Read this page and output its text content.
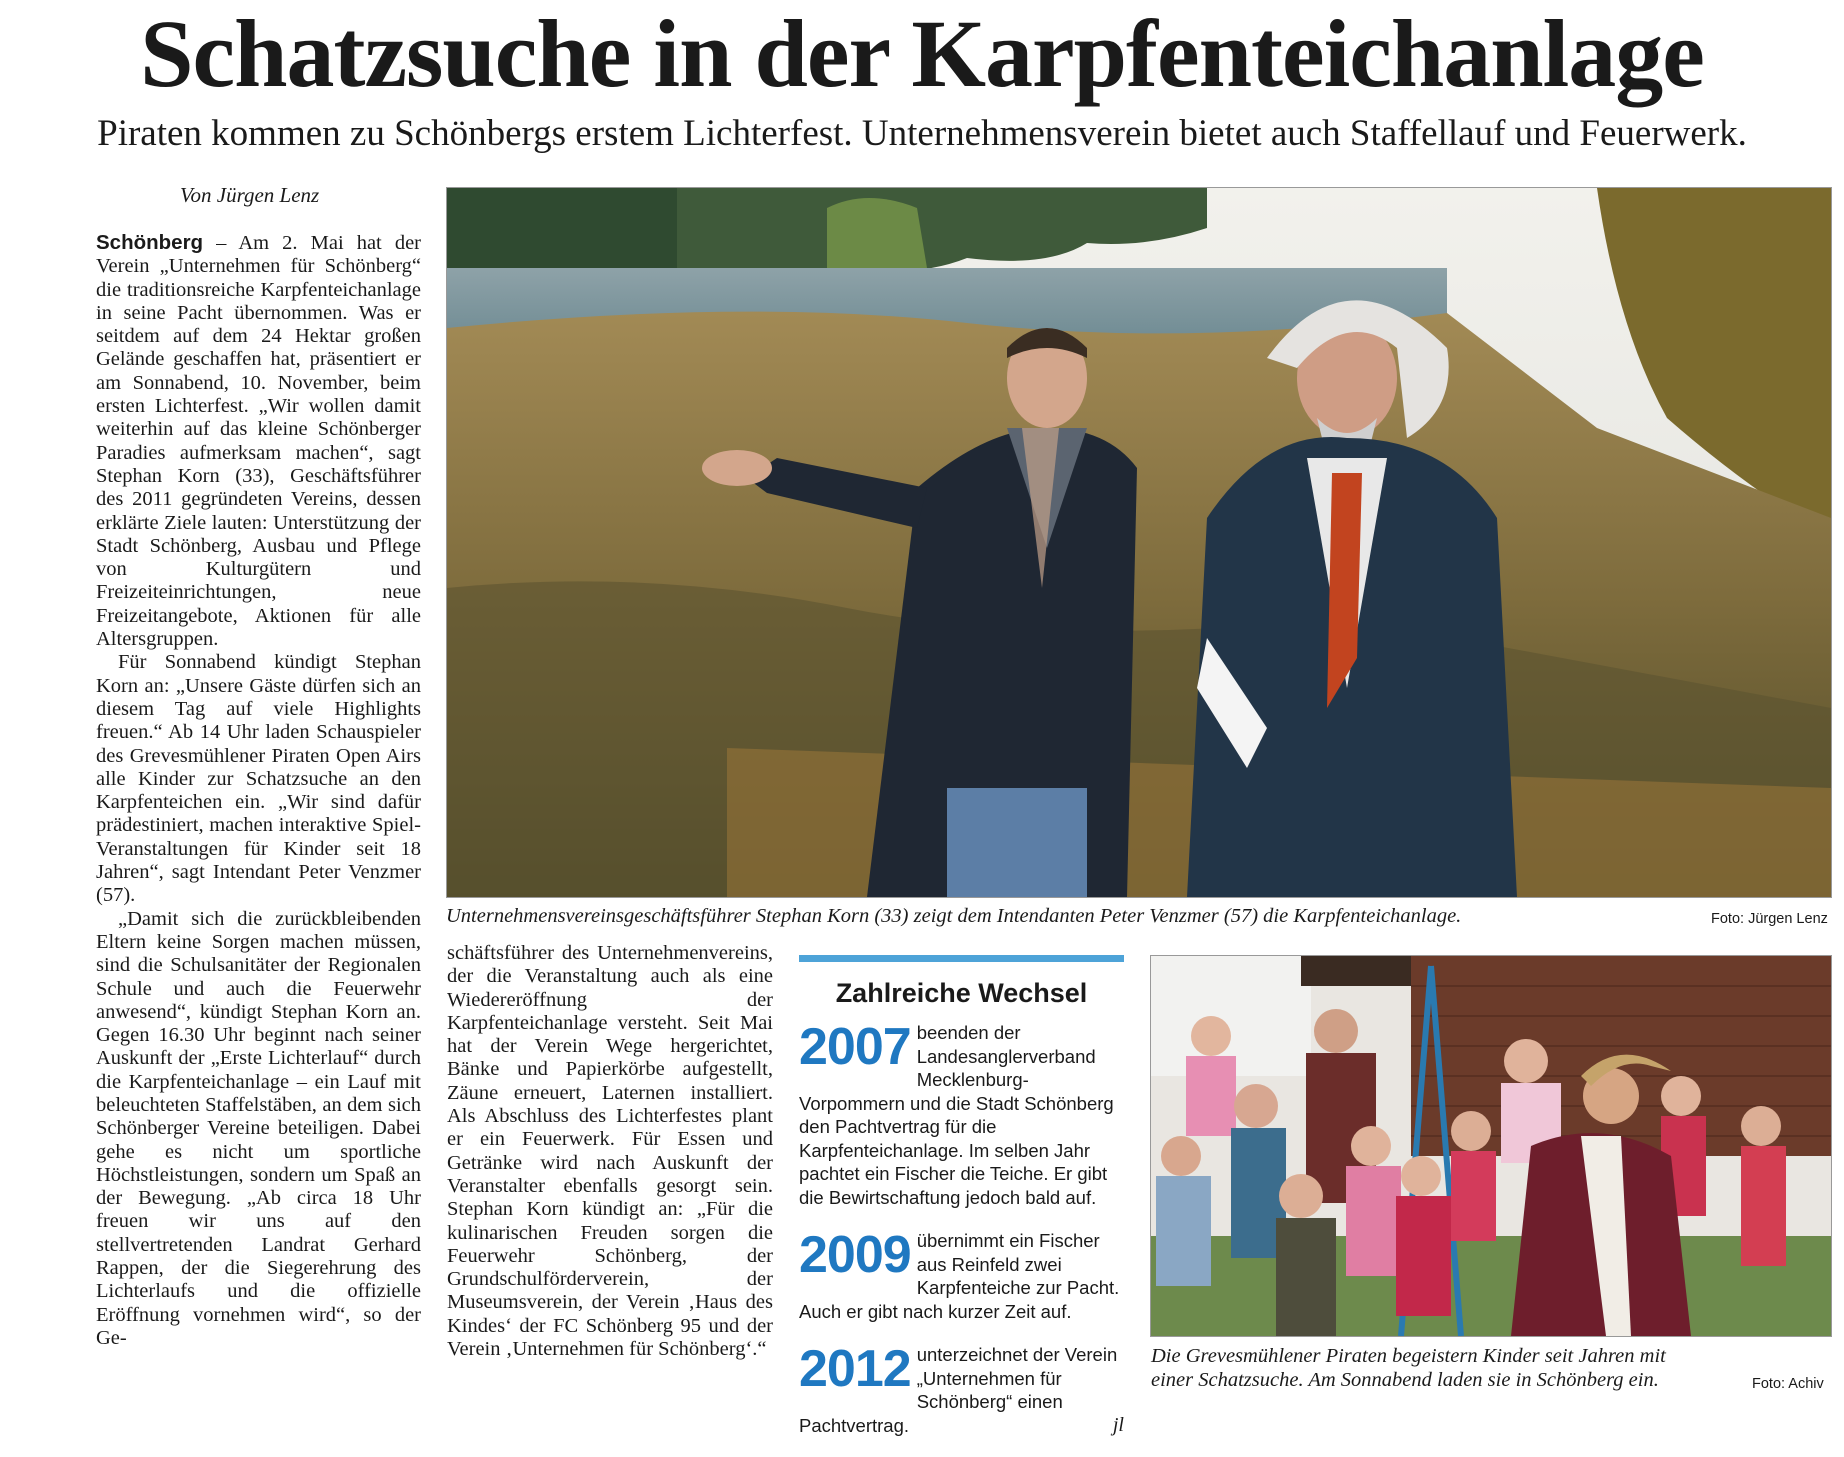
Schatzsuche in der Karpfenteichanlage
Piraten kommen zu Schönbergs erstem Lichterfest. Unternehmensverein bietet auch Staffellauf und Feuerwerk.
Von Jürgen Lenz

Schönberg – Am 2. Mai hat der Verein „Unternehmen für Schönberg“ die traditionsreiche Karpfenteichanlage in seine Pacht übernommen. Was er seitdem auf dem 24 Hektar großen Gelände geschaffen hat, präsentiert er am Sonnabend, 10. November, beim ersten Lichterfest. „Wir wollen damit weiterhin auf das kleine Schönberger Paradies aufmerksam machen“, sagt Stephan Korn (33), Geschäftsführer des 2011 gegründeten Vereins, dessen erklärte Ziele lauten: Unterstützung der Stadt Schönberg, Ausbau und Pflege von Kulturgütern und Freizeiteinrichtungen, neue Freizeitangebote, Aktionen für alle Altersgruppen.

Für Sonnabend kündigt Stephan Korn an: „Unsere Gäste dürfen sich an diesem Tag auf viele Highlights freuen.“ Ab 14 Uhr laden Schauspieler des Grevesmühlener Piraten Open Airs alle Kinder zur Schatzsuche an den Karpfenteichen ein. „Wir sind dafür prädestiniert, machen interaktive Spiel-Veranstaltungen für Kinder seit 18 Jahren“, sagt Intendant Peter Venzmer (57).

„Damit sich die zurückbleibenden Eltern keine Sorgen machen müssen, sind die Schulsanitäter der Regionalen Schule und auch die Feuerwehr anwesend“, kündigt Stephan Korn an. Gegen 16.30 Uhr beginnt nach seiner Auskunft der „Erste Lichterlauf“ durch die Karpfenteichanlage – ein Lauf mit beleuchteten Staffelstäben, an dem sich Schönberger Vereine beteiligen. Dabei gehe es nicht um sportliche Höchstleistungen, sondern um Spaß an der Bewegung. „Ab circa 18 Uhr freuen wir uns auf den stellvertretenden Landrat Gerhard Rappen, der die Siegerehrung des Lichterlaufs und die offizielle Eröffnung vornehmen wird“, so der Ge-

Unternehmensvereinsgeschäftsführer Stephan Korn (33) zeigt dem Intendanten Peter Venzmer (57) die Karpfenteichanlage.	Foto: Jürgen Lenz

schäftsführer des Unternehmenvereins, der die Veranstaltung auch als eine Wiedereröffnung der Karpfenteichanlage versteht. Seit Mai hat der Verein Wege hergerichtet, Bänke und Papierkörbe aufgestellt, Zäune erneuert, Laternen installiert. Als Abschluss des Lichterfestes plant er ein Feuerwerk. Für Essen und Getränke wird nach Auskunft der Veranstalter ebenfalls gesorgt sein. Stephan Korn kündigt an: „Für die kulinarischen Freuden sorgen die Feuerwehr Schönberg, der Grundschulförderverein, der Museumsverein, der Verein ‚Haus des Kindes‘ der FC Schönberg 95 und der Verein ‚Unternehmen für Schönberg‘.“

Zahlreiche Wechsel
2007 beenden der Landesanglerverband Mecklenburg- Vorpommern und die Stadt Schönberg den Pachtvertrag für die Karpfenteichanlage. Im selben Jahr pachtet ein Fischer die Teiche. Er gibt die Bewirtschaftung jedoch bald auf.
2009 übernimmt ein Fischer aus Reinfeld zwei Karpfenteiche zur Pacht. Auch er gibt nach kurzer Zeit auf.
2012 unterzeichnet der Verein „Unternehmen für Schönberg“ einen Pachtvertrag.	jl
Die Grevesmühlener Piraten begeistern Kinder seit Jahren mit einer Schatzsuche. Am Sonnabend laden sie in Schönberg ein.	Foto: Achiv
